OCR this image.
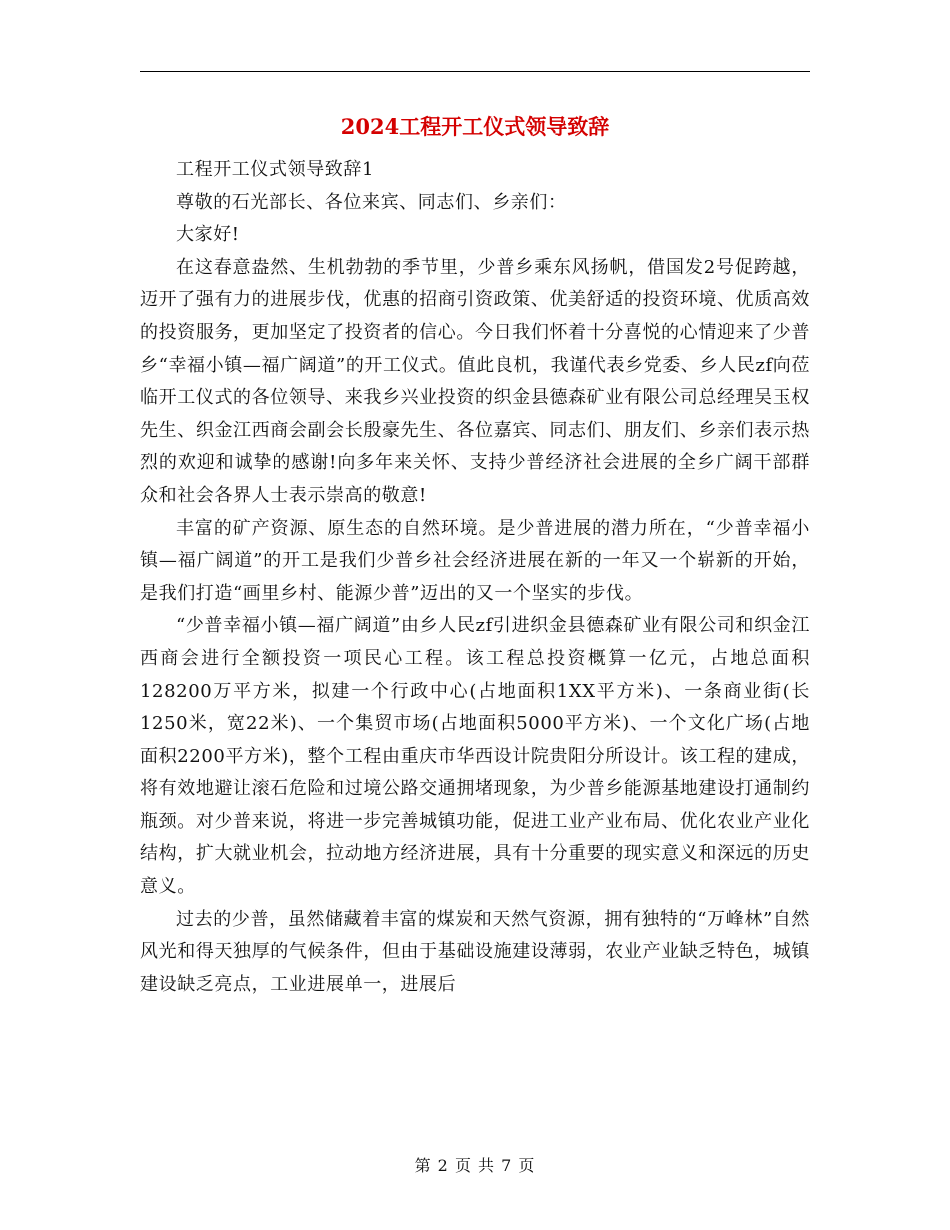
2024工程开工仪式领导致辞

工程开工仪式领导致辞1

尊敬的石光部长、各位来宾、同志们、乡亲们：

大家好!

在这春意盎然、生机勃勃的季节里，少普乡乘东风扬帆，借国发2号促跨越，迈开了强有力的进展步伐，优惠的招商引资政策、优美舒适的投资环境、优质高效的投资服务，更加坚定了投资者的信心。今日我们怀着十分喜悦的心情迎来了少普乡“幸福小镇—福广阔道”的开工仪式。值此良机，我谨代表乡党委、乡人民zf向莅临开工仪式的各位领导、来我乡兴业投资的织金县德森矿业有限公司总经理吴玉权先生、织金江西商会副会长殷豪先生、各位嘉宾、同志们、朋友们、乡亲们表示热烈的欢迎和诚挚的感谢!向多年来关怀、支持少普经济社会进展的全乡广阔干部群众和社会各界人士表示崇高的敬意!

丰富的矿产资源、原生态的自然环境。是少普进展的潜力所在，“少普幸福小镇—福广阔道”的开工是我们少普乡社会经济进展在新的一年又一个崭新的开始，是我们打造“画里乡村、能源少普”迈出的又一个坚实的步伐。

“少普幸福小镇—福广阔道”由乡人民zf引进织金县德森矿业有限公司和织金江西商会进行全额投资一项民心工程。该工程总投资概算一亿元，占地总面积128200万平方米，拟建一个行政中心(占地面积1XX平方米)、一条商业街(长1250米，宽22米)、一个集贸市场(占地面积5000平方米)、一个文化广场(占地面积2200平方米)，整个工程由重庆市华西设计院贵阳分所设计。该工程的建成，将有效地避让滚石危险和过境公路交通拥堵现象，为少普乡能源基地建设打通制约瓶颈。对少普来说，将进一步完善城镇功能，促进工业产业布局、优化农业产业化结构，扩大就业机会，拉动地方经济进展，具有十分重要的现实意义和深远的历史意义。

过去的少普，虽然储藏着丰富的煤炭和天然气资源，拥有独特的“万峰林”自然风光和得天独厚的气候条件，但由于基础设施建设薄弱，农业产业缺乏特色，城镇建设缺乏亮点，工业进展单一，进展后

第 2 页 共 7 页
